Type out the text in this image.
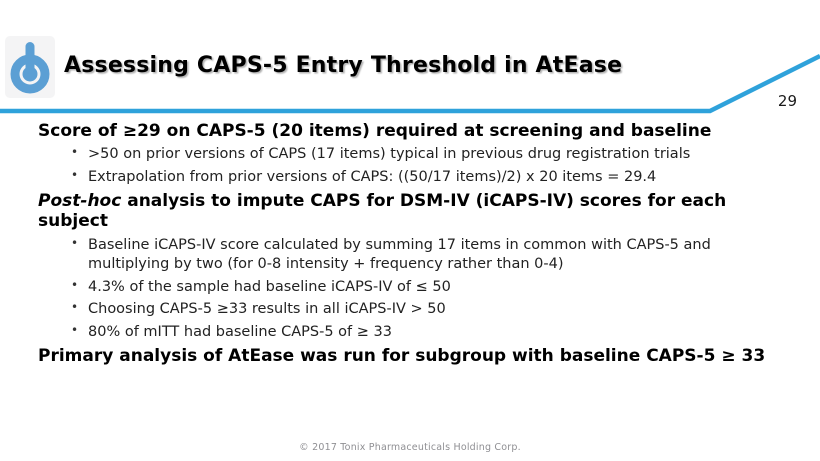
Assessing CAPS-5 Entry Threshold in AtEase
29
Score of ≥29 on CAPS-5 (20 items) required at screening and baseline
• >50 on prior versions of CAPS (17 items) typical in previous drug registration trials
• Extrapolation from prior versions of CAPS: ((50/17 items)/2) x 20 items = 29.4
Post-hoc analysis to impute CAPS for DSM-IV (iCAPS-IV) scores for each
subject
• Baseline iCAPS-IV score calculated by summing 17 items in common with CAPS-5 and multiplying by two (for 0-8 intensity + frequency rather than 0-4)
• 4.3% of the sample had baseline iCAPS-IV of ≤ 50
• Choosing CAPS-5 ≥33 results in all iCAPS-IV > 50
• 80% of mITT had baseline CAPS-5 of ≥ 33
Primary analysis of AtEase was run for subgroup with baseline CAPS-5 ≥ 33
© 2017 Tonix Pharmaceuticals Holding Corp.
